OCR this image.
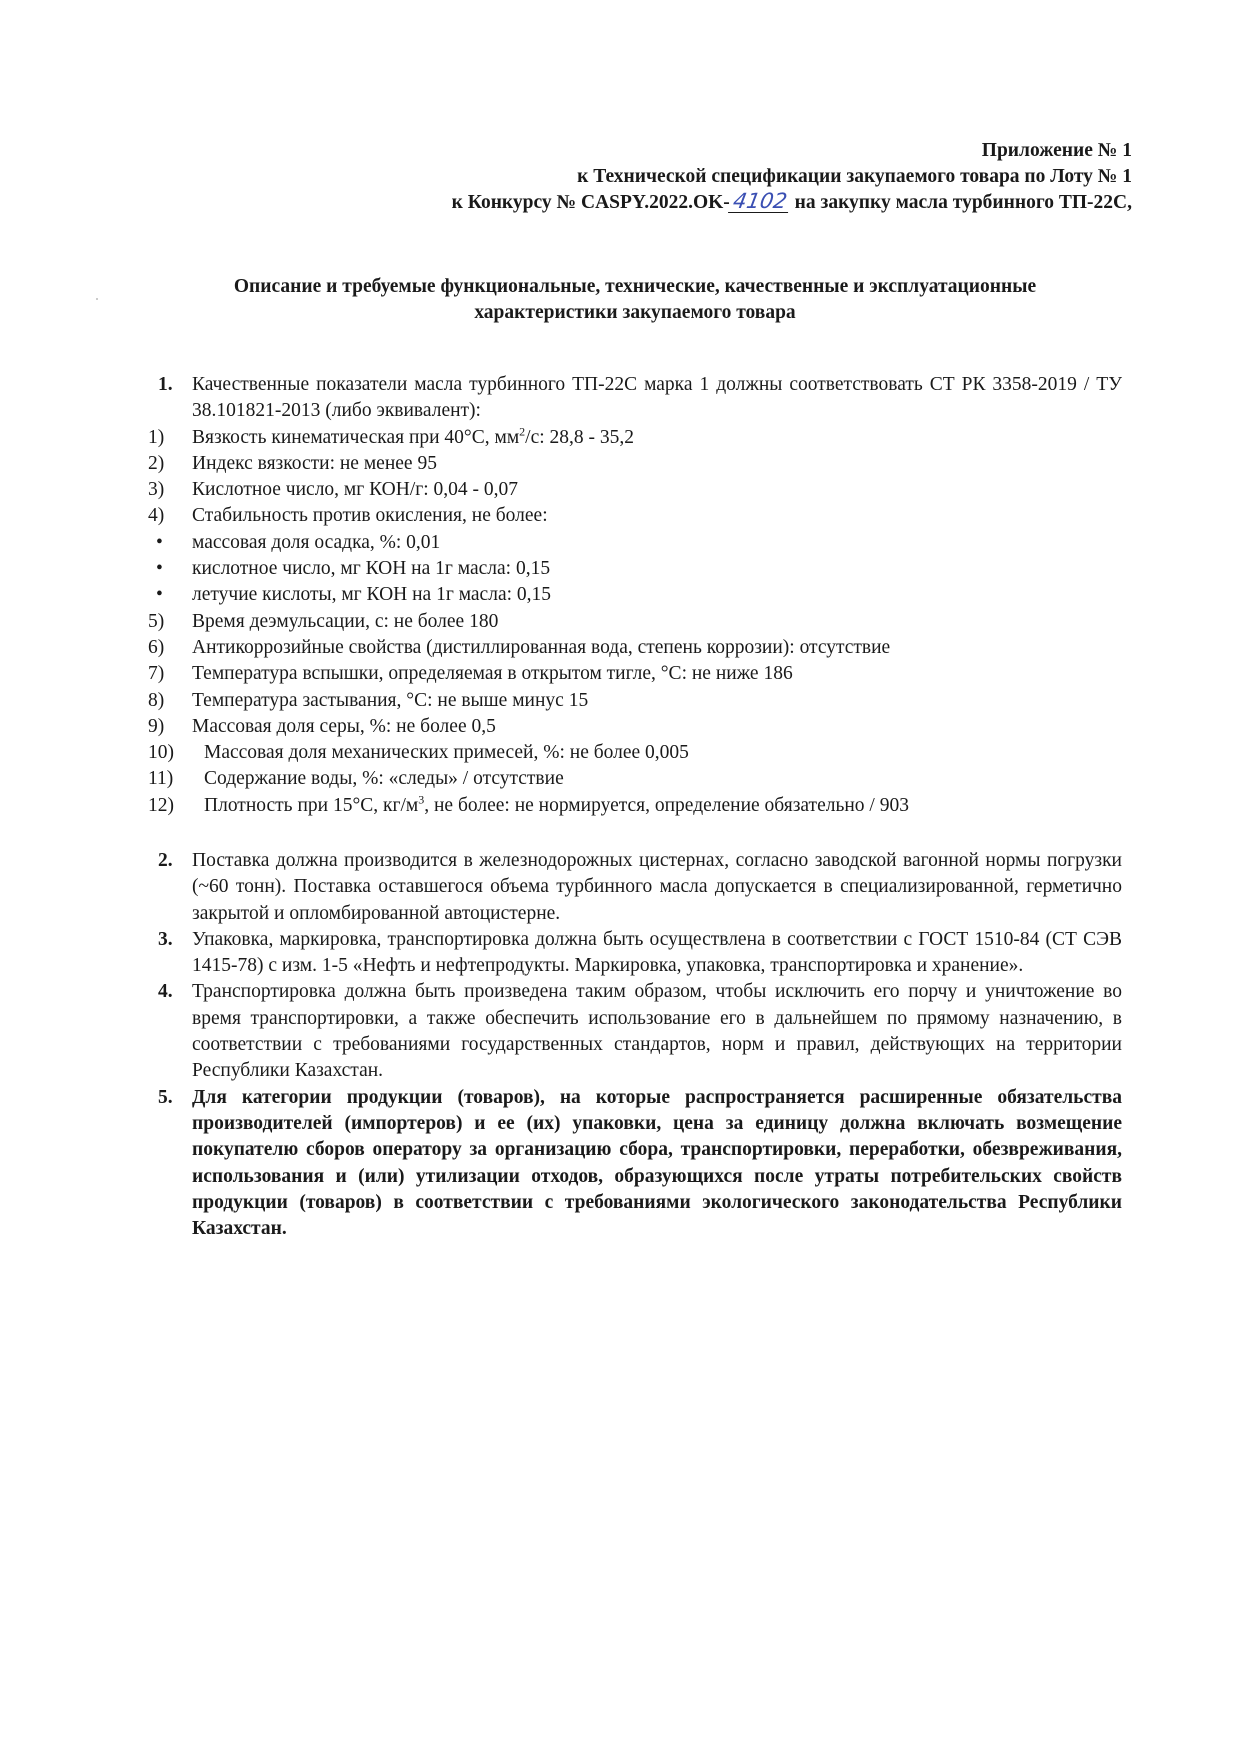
Приложение № 1
к Технической спецификации закупаемого товара по Лоту № 1
к Конкурсу № CASPY.2022.OK-4102 на закупку масла турбинного ТП-22С,
Описание и требуемые функциональные, технические, качественные и эксплуатационные
характеристики закупаемого товара
1. Качественные показатели масла турбинного ТП-22С марка 1 должны соответствовать СТ РК 3358-2019 / ТУ 38.101821-2013 (либо эквивалент):
1)	Вязкость кинематическая при 40°С, $мм^2/с$: 28,8 - 35,2
2)	Индекс вязкости: не менее 95
3)	Кислотное число, мг КОН/г: 0,04 - 0,07
4)	Стабильность против окисления, не более:
•	массовая доля осадка, %: 0,01
•	кислотное число, мг КОН на 1г масла: 0,15
•	летучие кислоты, мг КОН на 1г масла: 0,15
5)	Время деэмульсации, с: не более 180
6)	Антикоррозийные свойства (дистиллированная вода, степень коррозии): отсутствие
7)	Температура вспышки, определяемая в открытом тигле, °С: не ниже 186
8)	Температура застывания, °С: не выше минус 15
9)	Массовая доля серы, %: не более 0,5
10)	Массовая доля механических примесей, %: не более 0,005
11)	Содержание воды, %: «следы» / отсутствие
12)	Плотность при 15°С, $кг/м^3$, не более: не нормируется, определение обязательно / 903
2. Поставка должна производится в железнодорожных цистернах, согласно заводской вагонной нормы погрузки (~60 тонн). Поставка оставшегося объема турбинного масла допускается в специализированной, герметично закрытой и опломбированной автоцистерне.
3. Упаковка, маркировка, транспортировка должна быть осуществлена в соответствии с ГОСТ 1510-84 (СТ СЭВ 1415-78) с изм. 1-5 «Нефть и нефтепродукты. Маркировка, упаковка, транспортировка и хранение».
4. Транспортировка должна быть произведена таким образом, чтобы исключить его порчу и уничтожение во время транспортировки, а также обеспечить использование его в дальнейшем по прямому назначению, в соответствии с требованиями государственных стандартов, норм и правил, действующих на территории Республики Казахстан.
5. Для категории продукции (товаров), на которые распространяется расширенные обязательства производителей (импортеров) и ее (их) упаковки, цена за единицу должна включать возмещение покупателю сборов оператору за организацию сбора, транспортировки, переработки, обезвреживания, использования и (или) утилизации отходов, образующихся после утраты потребительских свойств продукции (товаров) в соответствии с требованиями экологического законодательства Республики Казахстан.
